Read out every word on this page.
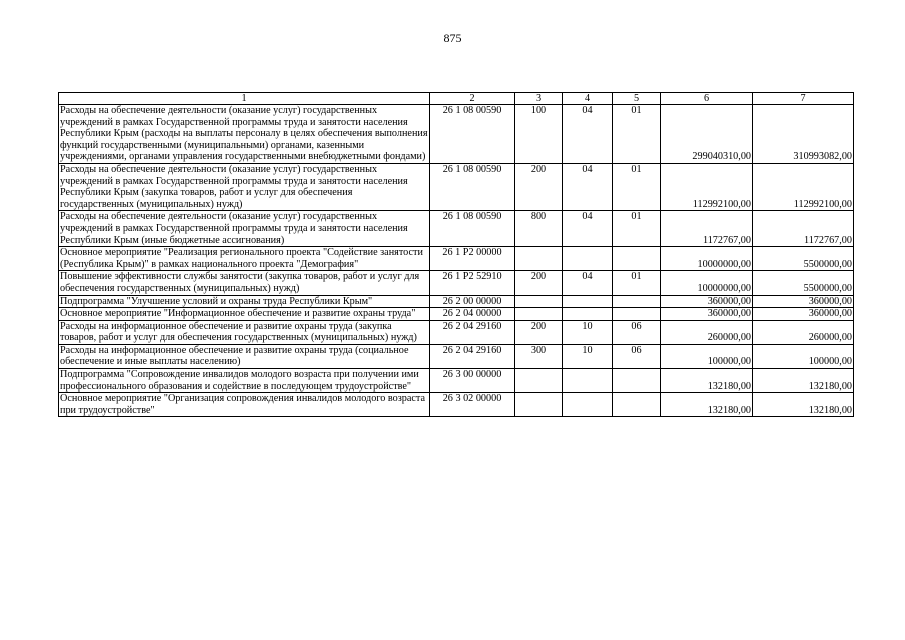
875
1	2	3	4	5	6	7
Расходы на обеспечение деятельности (оказание услуг) государственных учреждений в рамках Государственной программы труда и занятости населения Республики Крым (расходы на выплаты персоналу в целях обеспечения выполнения функций государственными (муниципальными) органами, казенными учреждениями, органами управления государственными внебюджетными фондами)	26 1 08 00590	100	04	01	299040310,00	310993082,00
Расходы на обеспечение деятельности (оказание услуг) государственных учреждений в рамках Государственной программы труда и занятости населения Республики Крым (закупка товаров, работ и услуг для обеспечения государственных (муниципальных) нужд)	26 1 08 00590	200	04	01	112992100,00	112992100,00
Расходы на обеспечение деятельности (оказание услуг) государственных учреждений в рамках Государственной программы труда и занятости населения Республики Крым (иные бюджетные ассигнования)	26 1 08 00590	800	04	01	1172767,00	1172767,00
Основное мероприятие "Реализация регионального проекта "Содействие занятости (Республика Крым)" в рамках национального проекта "Демография"	26 1 P2 00000				10000000,00	5500000,00
Повышение эффективности службы занятости (закупка товаров, работ и услуг для обеспечения государственных (муниципальных) нужд)	26 1 P2 52910	200	04	01	10000000,00	5500000,00
Подпрограмма "Улучшение условий и охраны труда Республики Крым"	26 2 00 00000				360000,00	360000,00
Основное мероприятие "Информационное обеспечение и развитие охраны труда"	26 2 04 00000				360000,00	360000,00
Расходы на информационное обеспечение и развитие охраны труда (закупка товаров, работ и услуг для обеспечения государственных (муниципальных) нужд)	26 2 04 29160	200	10	06	260000,00	260000,00
Расходы на информационное обеспечение и развитие охраны труда (социальное обеспечение и иные выплаты населению)	26 2 04 29160	300	10	06	100000,00	100000,00
Подпрограмма "Сопровождение инвалидов молодого возраста при получении ими профессионального образования и содействие в последующем трудоустройстве"	26 3 00 00000				132180,00	132180,00
Основное мероприятие "Организация сопровождения инвалидов молодого возраста при трудоустройстве"	26 3 02 00000				132180,00	132180,00
